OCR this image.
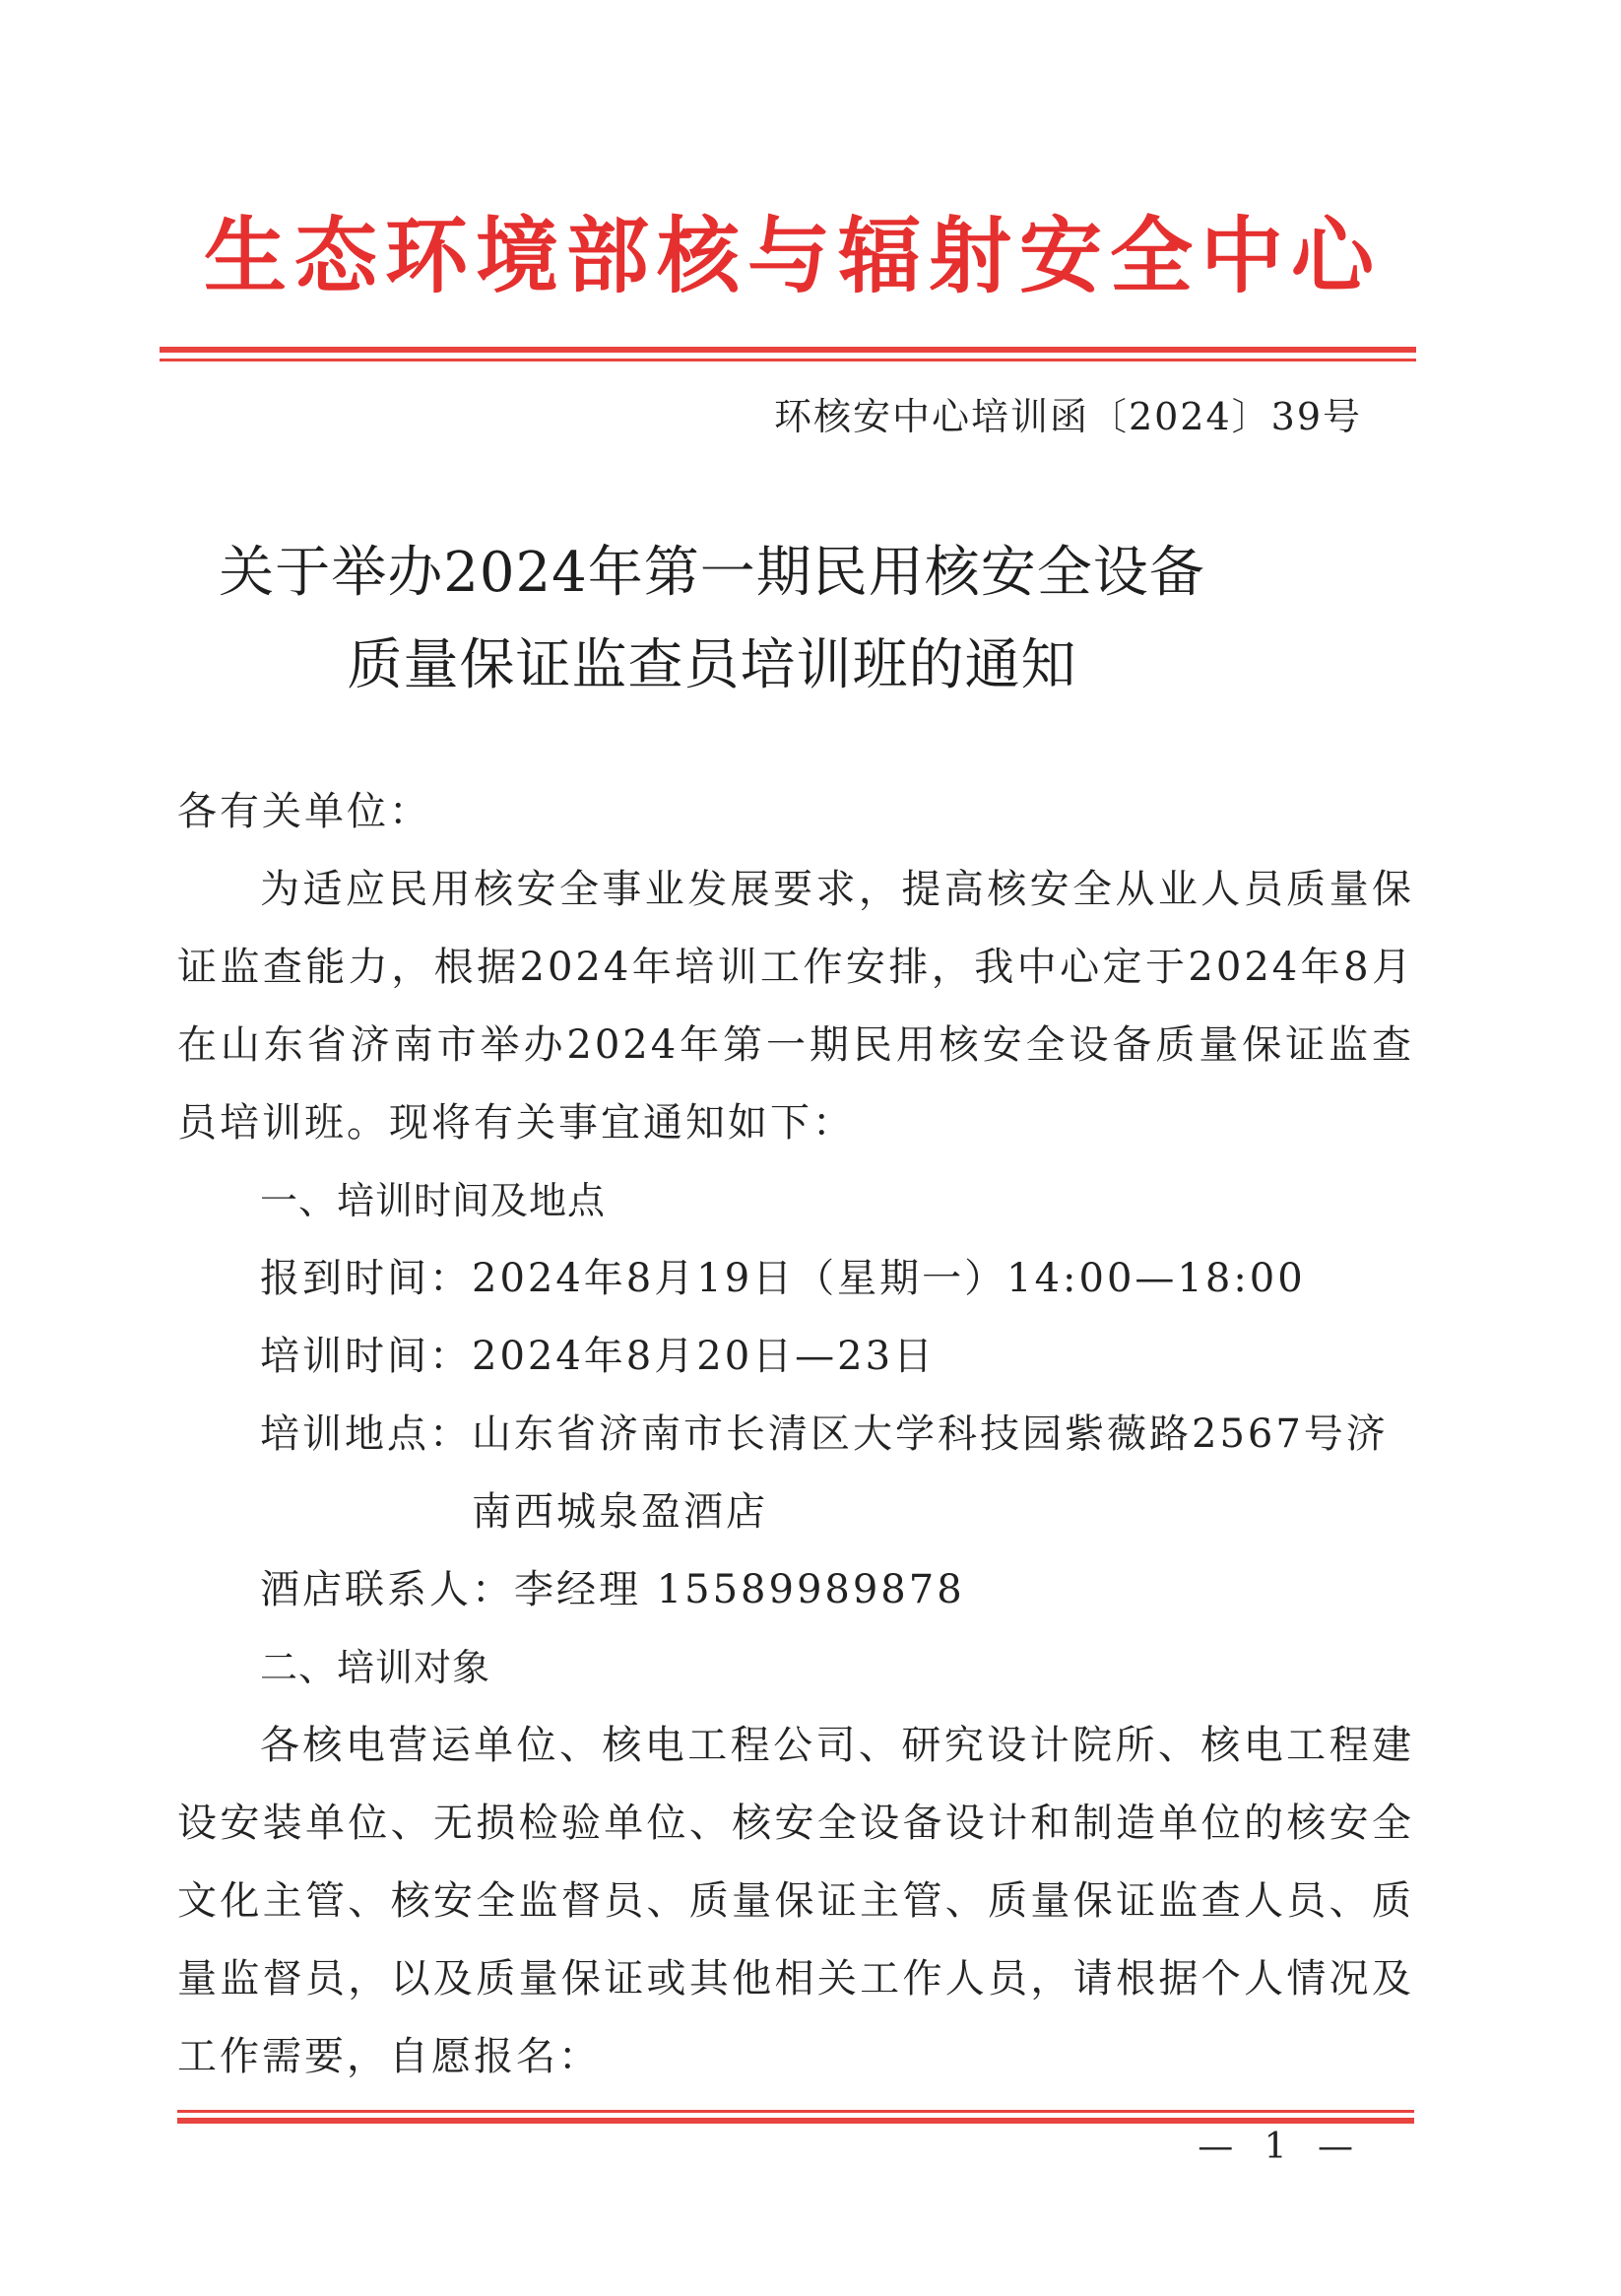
生态环境部核与辐射安全中心
环核安中心培训函〔2024〕39号
关于举办2024年第一期民用核安全设备
质量保证监查员培训班的通知

各有关单位：

为适应民用核安全事业发展要求，提高核安全从业人员质量保证监查能力，根据2024年培训工作安排，我中心定于2024年8月在山东省济南市举办2024年第一期民用核安全设备质量保证监查员培训班。现将有关事宜通知如下：

一、培训时间及地点

报到时间： 2024年8月19日（星期一）14:00—18:00
培训时间： 2024年8月20日—23日
培训地点： 山东省济南市长清区大学科技园紫薇路2567号济南西城泉盈酒店
酒店联系人： 李经理 15589989878

二、培训对象

各核电营运单位、核电工程公司、研究设计院所、核电工程建设安装单位、无损检验单位、核安全设备设计和制造单位的核安全文化主管、核安全监督员、质量保证主管、质量保证监查人员、质量监督员，以及质量保证或其他相关工作人员，请根据个人情况及工作需要，自愿报名：

— 1 —
